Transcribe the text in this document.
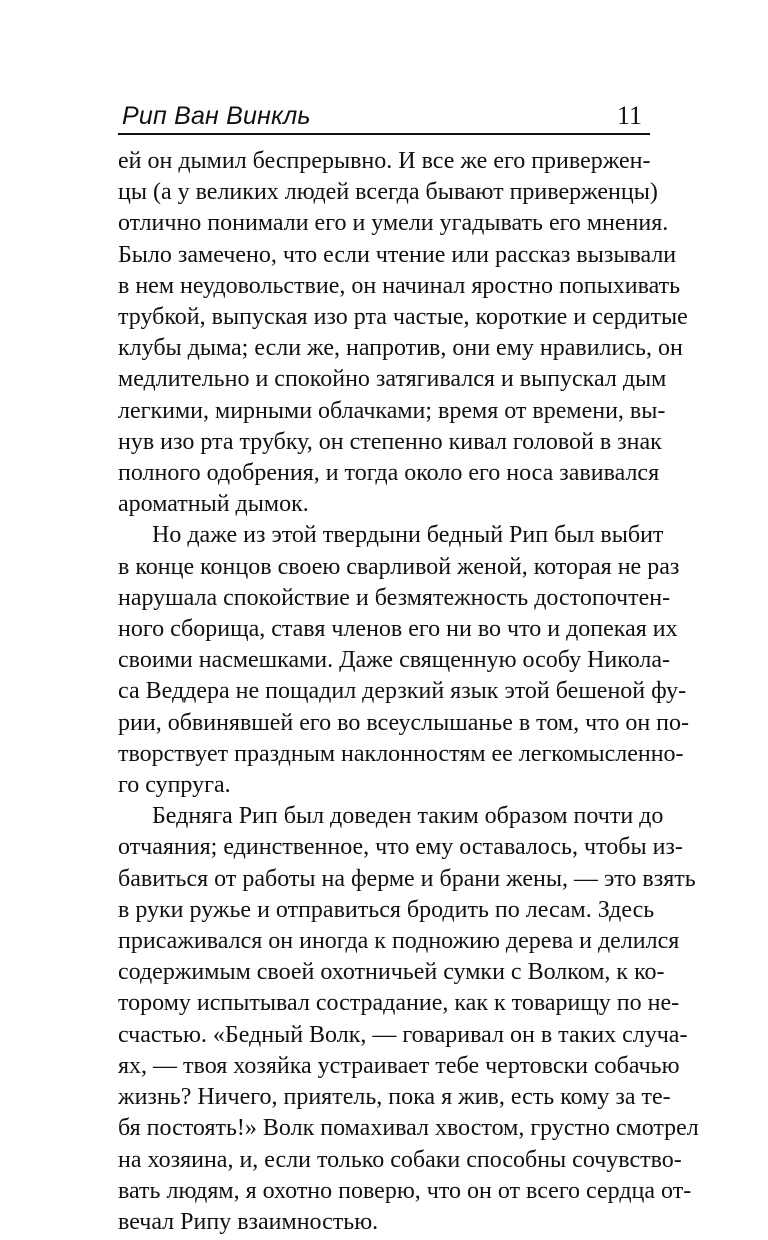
Рип Ван Винкль	11

ей он дымил беспрерывно. И все же его привержен-
цы (а у великих людей всегда бывают приверженцы)
отлично понимали его и умели угадывать его мнения.
Было замечено, что если чтение или рассказ вызывали
в нем неудовольствие, он начинал яростно попыхивать
трубкой, выпуская изо рта частые, короткие и сердитые
клубы дыма; если же, напротив, они ему нравились, он
медлительно и спокойно затягивался и выпускал дым
легкими, мирными облачками; время от времени, вы-
нув изо рта трубку, он степенно кивал головой в знак
полного одобрения, и тогда около его носа завивался
ароматный дымок.

Но даже из этой твердыни бедный Рип был выбит
в конце концов своею сварливой женой, которая не раз
нарушала спокойствие и безмятежность достопочтен-
ного сборища, ставя членов его ни во что и допекая их
своими насмешками. Даже священную особу Никола-
са Веддера не пощадил дерзкий язык этой бешеной фу-
рии, обвинявшей его во всеуслышанье в том, что он по-
творствует праздным наклонностям ее легкомысленно-
го супруга.

Бедняга Рип был доведен таким образом почти до
отчаяния; единственное, что ему оставалось, чтобы из-
бавиться от работы на ферме и брани жены, — это взять
в руки ружье и отправиться бродить по лесам. Здесь
присаживался он иногда к подножию дерева и делился
содержимым своей охотничьей сумки с Волком, к ко-
торому испытывал сострадание, как к товарищу по не-
счастью. «Бедный Волк, — говаривал он в таких случа-
ях, — твоя хозяйка устраивает тебе чертовски собачью
жизнь? Ничего, приятель, пока я жив, есть кому за те-
бя постоять!» Волк помахивал хвостом, грустно смотрел
на хозяина, и, если только собаки способны сочувство-
вать людям, я охотно поверю, что он от всего сердца от-
вечал Рипу взаимностью.
